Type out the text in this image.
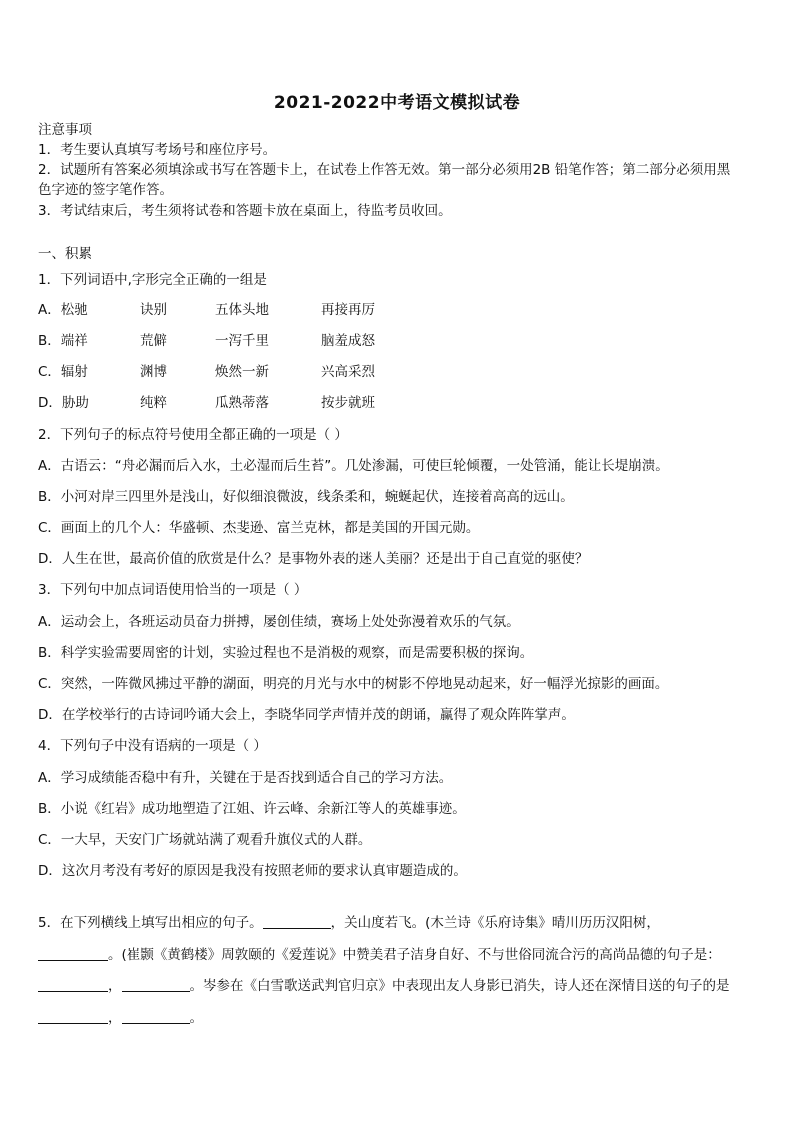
2021-2022中考语文模拟试卷
注意事项
1．考生要认真填写考场号和座位序号。
2．试题所有答案必须填涂或书写在答题卡上，在试卷上作答无效。第一部分必须用2B 铅笔作答；第二部分必须用黑
色字迹的签字笔作答。
3．考试结束后，考生须将试卷和答题卡放在桌面上，待监考员收回。
一、积累
1．下列词语中,字形完全正确的一组是
A．松驰	诀别	五体头地	再接再厉
B．端祥	荒僻	一泻千里	脑羞成怒
C．辐射	渊博	焕然一新	兴高采烈
D．胁助	纯粹	瓜熟蒂落	按步就班
2．下列句子的标点符号使用全都正确的一项是（ ）
A．古语云：“舟必漏而后入水，土必湿而后生苔”。几处渗漏，可使巨轮倾覆，一处管涌，能让长堤崩溃。
B．小河对岸三四里外是浅山，好似细浪微波，线条柔和，蜿蜒起伏，连接着高高的远山。
C．画面上的几个人：华盛顿、杰斐逊、富兰克林，都是美国的开国元勋。
D．人生在世，最高价值的欣赏是什么？是事物外表的迷人美丽？还是出于自己直觉的驱使？
3．下列句中加点词语使用恰当的一项是（ ）
A．运动会上，各班运动员奋力拼搏，屡创佳绩，赛场上处处弥漫着欢乐的气氛。
B．科学实验需要周密的计划，实验过程也不是消极的观察，而是需要积极的探询。
C．突然，一阵微风拂过平静的湖面，明亮的月光与水中的树影不停地晃动起来，好一幅浮光掠影的画面。
D．在学校举行的古诗词吟诵大会上，李晓华同学声情并茂的朗诵，赢得了观众阵阵掌声。
4．下列句子中没有语病的一项是（ ）
A．学习成绩能否稳中有升，关键在于是否找到适合自己的学习方法。
B．小说《红岩》成功地塑造了江姐、许云峰、余新江等人的英雄事迹。
C．一大早，天安门广场就站满了观看升旗仪式的人群。
D．这次月考没有考好的原因是我没有按照老师的要求认真审题造成的。
5．在下列横线上填写出相应的句子。	，关山度若飞。(木兰诗《乐府诗集》晴川历历汉阳树，
。(崔颢《黄鹤楼》周敦颐的《爱莲说》中赞美君子洁身自好、不与世俗同流合污的高尚品德的句子是：
，	。岑参在《白雪歌送武判官归京》中表现出友人身影已消失，诗人还在深情目送的句子的是
，	。
